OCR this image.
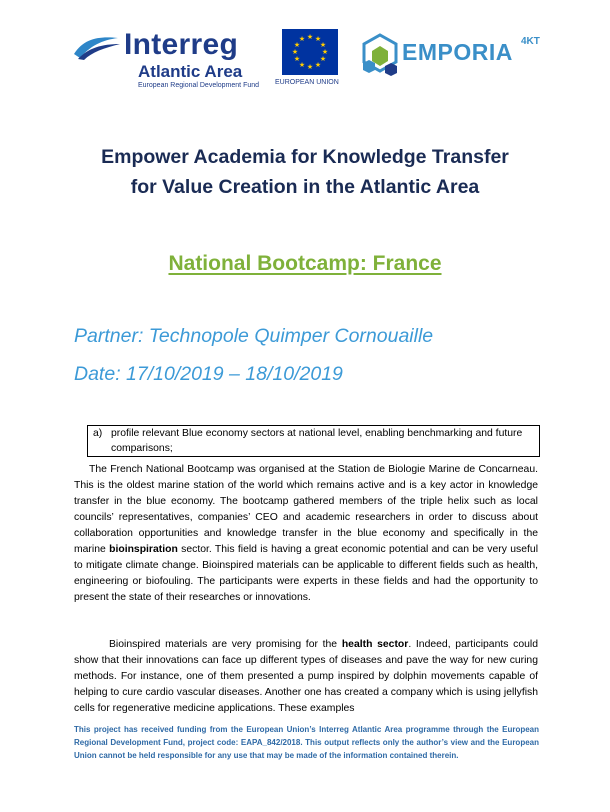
Interreg
Atlantic Area
European Regional Development Fund
★ ★
★
★
★
★
★
★
★
★
★
★
EUROPEAN UNION
EMPORIA 4KT
Empower Academia for Knowledge Transfer
for Value Creation in the Atlantic Area
National Bootcamp: France
Partner: Technopole Quimper Cornouaille
Date: 17/10/2019 – 18/10/2019
a) profile relevant Blue economy sectors at national level, enabling benchmarking and future comparisons;

The French National Bootcamp was organised at the Station de Biologie Marine de Concarneau. This is the oldest marine station of the world which remains active and is a key actor in knowledge transfer in the blue economy. The bootcamp gathered members of the triple helix such as local councils’ representatives, companies’ CEO and academic researchers in order to discuss about collaboration opportunities and knowledge transfer in the blue economy and specifically in the marine bioinspiration sector. This field is having a great economic potential and can be very useful to mitigate climate change. Bioinspired materials can be applicable to different fields such as health, engineering or biofouling. The participants were experts in these fields and had the opportunity to present the state of their researches or innovations.

Bioinspired materials are very promising for the health sector. Indeed, participants could show that their innovations can face up different types of diseases and pave the way for new curing methods. For instance, one of them presented a pump inspired by dolphin movements capable of helping to cure cardio vascular diseases. Another one has created a company which is using jellyfish cells for regenerative medicine applications. These examples

This project has received funding from the European Union’s Interreg Atlantic Area programme through the European Regional Development Fund, project code: EAPA_842/2018. This output reflects only the author’s view and the European Union cannot be held responsible for any use that may be made of the information contained therein.
